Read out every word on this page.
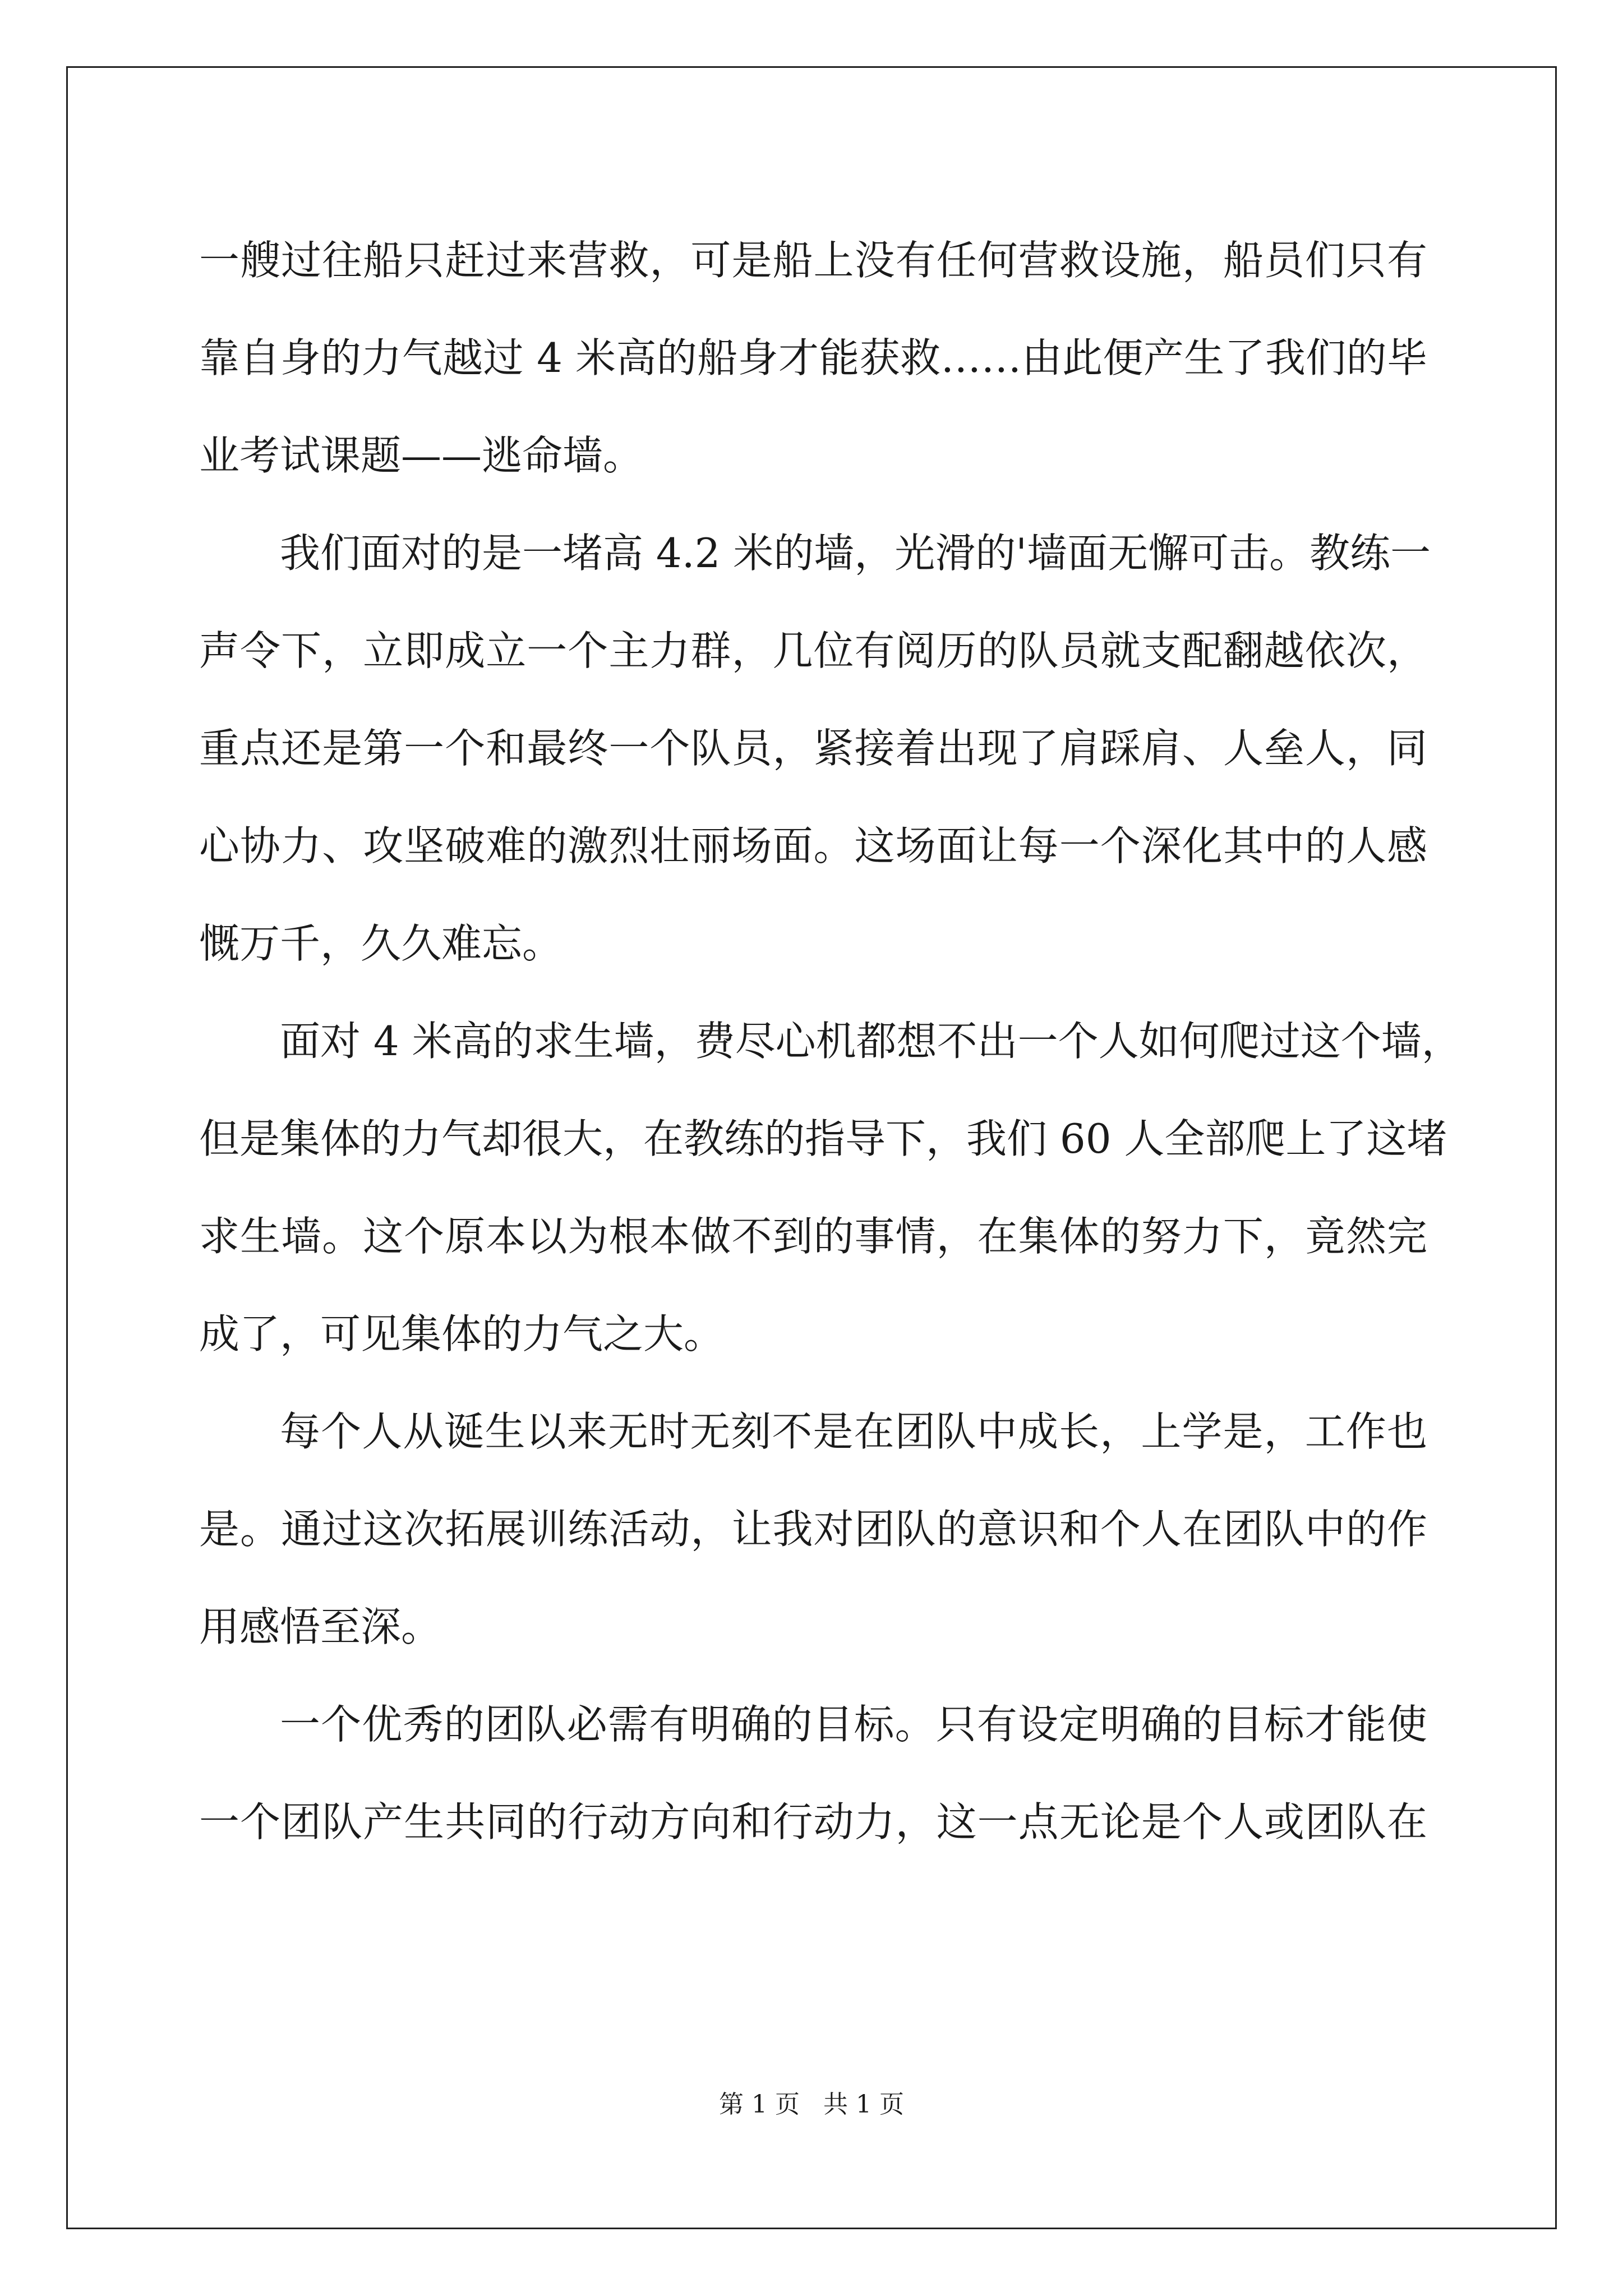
一艘过往船只赶过来营救，可是船上没有任何营救设施，船员们只有
靠自身的力气越过 4 米高的船身才能获救……由此便产生了我们的毕
业考试课题——逃命墙。
我们面对的是一堵高 4.2 米的墙，光滑的'墙面无懈可击。教练一
声令下，立即成立一个主力群，几位有阅历的队员就支配翻越依次，
重点还是第一个和最终一个队员，紧接着出现了肩踩肩、人垒人，同
心协力、攻坚破难的激烈壮丽场面。这场面让每一个深化其中的人感
慨万千，久久难忘。
面对 4 米高的求生墙，费尽心机都想不出一个人如何爬过这个墙，
但是集体的力气却很大，在教练的指导下，我们 60 人全部爬上了这堵
求生墙。这个原本以为根本做不到的事情，在集体的努力下，竟然完
成了，可见集体的力气之大。
每个人从诞生以来无时无刻不是在团队中成长，上学是，工作也
是。通过这次拓展训练活动，让我对团队的意识和个人在团队中的作
用感悟至深。
一个优秀的团队必需有明确的目标。只有设定明确的目标才能使
一个团队产生共同的行动方向和行动力，这一点无论是个人或团队在
第 1 页   共 1 页
